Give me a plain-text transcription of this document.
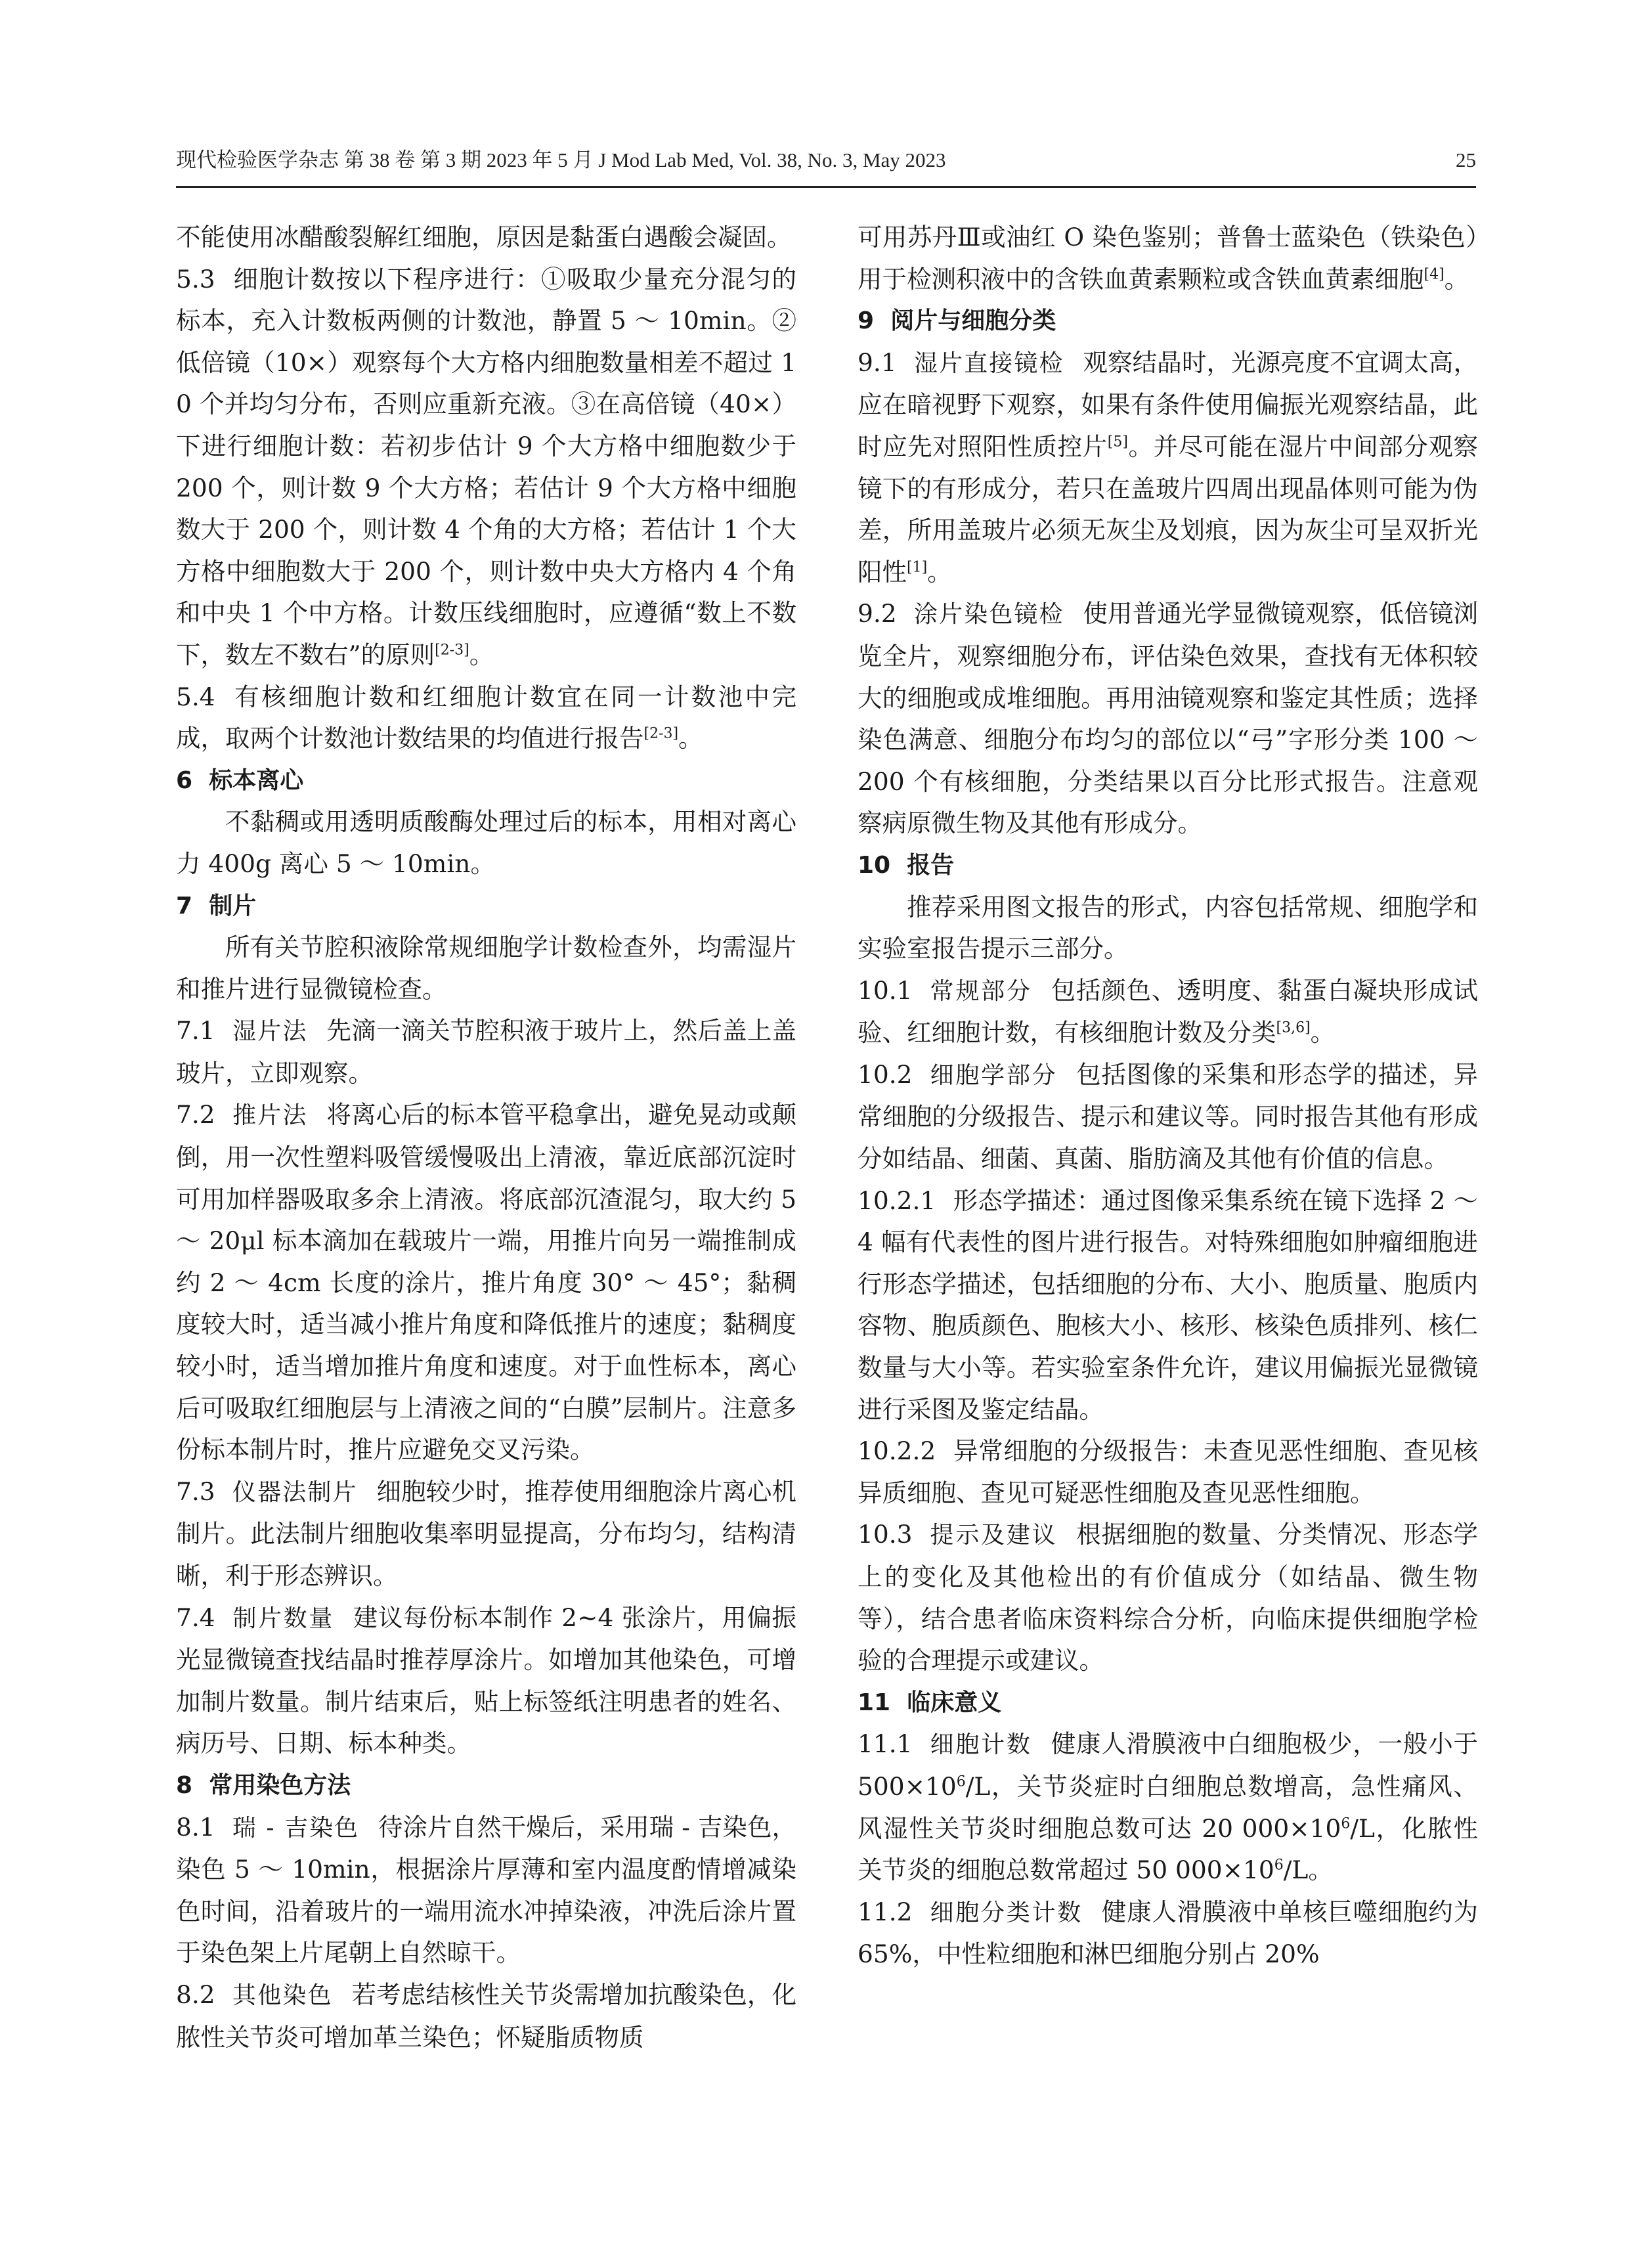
现代检验医学杂志 第 38 卷 第 3 期 2023 年 5 月 J Mod Lab Med, Vol. 38, No. 3, May 2023	25

不能使用冰醋酸裂解红细胞，原因是黏蛋白遇酸会凝固。

5.3 细胞计数按以下程序进行：①吸取少量充分混匀的标本，充入计数板两侧的计数池，静置 5 ～ 10min。②低倍镜（10×）观察每个大方格内细胞数量相差不超过 10 个并均匀分布，否则应重新充液。③在高倍镜（40×）下进行细胞计数：若初步估计 9 个大方格中细胞数少于 200 个，则计数 9 个大方格；若估计 9 个大方格中细胞数大于 200 个，则计数 4 个角的大方格；若估计 1 个大方格中细胞数大于 200 个，则计数中央大方格内 4 个角和中央 1 个中方格。计数压线细胞时，应遵循“数上不数下，数左不数右”的原则[2-3]。

5.4 有核细胞计数和红细胞计数宜在同一计数池中完成，取两个计数池计数结果的均值进行报告[2-3]。

6 标本离心

不黏稠或用透明质酸酶处理过后的标本，用相对离心力 400g 离心 5 ～ 10min。

7 制片

所有关节腔积液除常规细胞学计数检查外，均需湿片和推片进行显微镜检查。

7.1 湿片法 先滴一滴关节腔积液于玻片上，然后盖上盖玻片，立即观察。

7.2 推片法 将离心后的标本管平稳拿出，避免晃动或颠倒，用一次性塑料吸管缓慢吸出上清液，靠近底部沉淀时可用加样器吸取多余上清液。将底部沉渣混匀，取大约 5 ～ 20μl 标本滴加在载玻片一端，用推片向另一端推制成约 2 ～ 4cm 长度的涂片，推片角度 30° ～ 45°；黏稠度较大时，适当减小推片角度和降低推片的速度；黏稠度较小时，适当增加推片角度和速度。对于血性标本，离心后可吸取红细胞层与上清液之间的“白膜”层制片。注意多份标本制片时，推片应避免交叉污染。

7.3 仪器法制片 细胞较少时，推荐使用细胞涂片离心机制片。此法制片细胞收集率明显提高，分布均匀，结构清晰，利于形态辨识。

7.4 制片数量 建议每份标本制作 2~4 张涂片，用偏振光显微镜查找结晶时推荐厚涂片。如增加其他染色，可增加制片数量。制片结束后，贴上标签纸注明患者的姓名、病历号、日期、标本种类。

8 常用染色方法

8.1 瑞 - 吉染色 待涂片自然干燥后，采用瑞 - 吉染色，染色 5 ～ 10min，根据涂片厚薄和室内温度酌情增减染色时间，沿着玻片的一端用流水冲掉染液，冲洗后涂片置于染色架上片尾朝上自然晾干。

8.2 其他染色 若考虑结核性关节炎需增加抗酸染色，化脓性关节炎可增加革兰染色；怀疑脂质物质

可用苏丹Ⅲ或油红 O 染色鉴别；普鲁士蓝染色（铁染色）用于检测积液中的含铁血黄素颗粒或含铁血黄素细胞[4]。

9 阅片与细胞分类

9.1 湿片直接镜检 观察结晶时，光源亮度不宜调太高，应在暗视野下观察，如果有条件使用偏振光观察结晶，此时应先对照阳性质控片[5]。并尽可能在湿片中间部分观察镜下的有形成分，若只在盖玻片四周出现晶体则可能为伪差，所用盖玻片必须无灰尘及划痕，因为灰尘可呈双折光阳性[1]。

9.2 涂片染色镜检 使用普通光学显微镜观察，低倍镜浏览全片，观察细胞分布，评估染色效果，查找有无体积较大的细胞或成堆细胞。再用油镜观察和鉴定其性质；选择染色满意、细胞分布均匀的部位以“弓”字形分类 100 ～ 200 个有核细胞，分类结果以百分比形式报告。注意观察病原微生物及其他有形成分。

10 报告

推荐采用图文报告的形式，内容包括常规、细胞学和实验室报告提示三部分。

10.1 常规部分 包括颜色、透明度、黏蛋白凝块形成试验、红细胞计数，有核细胞计数及分类[3,6]。

10.2 细胞学部分 包括图像的采集和形态学的描述，异常细胞的分级报告、提示和建议等。同时报告其他有形成分如结晶、细菌、真菌、脂肪滴及其他有价值的信息。

10.2.1 形态学描述：通过图像采集系统在镜下选择 2 ～ 4 幅有代表性的图片进行报告。对特殊细胞如肿瘤细胞进行形态学描述，包括细胞的分布、大小、胞质量、胞质内容物、胞质颜色、胞核大小、核形、核染色质排列、核仁数量与大小等。若实验室条件允许，建议用偏振光显微镜进行采图及鉴定结晶。

10.2.2 异常细胞的分级报告：未查见恶性细胞、查见核异质细胞、查见可疑恶性细胞及查见恶性细胞。

10.3 提示及建议 根据细胞的数量、分类情况、形态学上的变化及其他检出的有价值成分（如结晶、微生物等），结合患者临床资料综合分析，向临床提供细胞学检验的合理提示或建议。

11 临床意义

11.1 细胞计数 健康人滑膜液中白细胞极少，一般小于 $500\times 10^6/L$，关节炎症时白细胞总数增高，急性痛风、风湿性关节炎时细胞总数可达 20 $000\times 10^6/L$，化脓性关节炎的细胞总数常超过 50 $000\times 10^6/L$。

11.2 细胞分类计数 健康人滑膜液中单核巨噬细胞约为 65%，中性粒细胞和淋巴细胞分别占 20%
